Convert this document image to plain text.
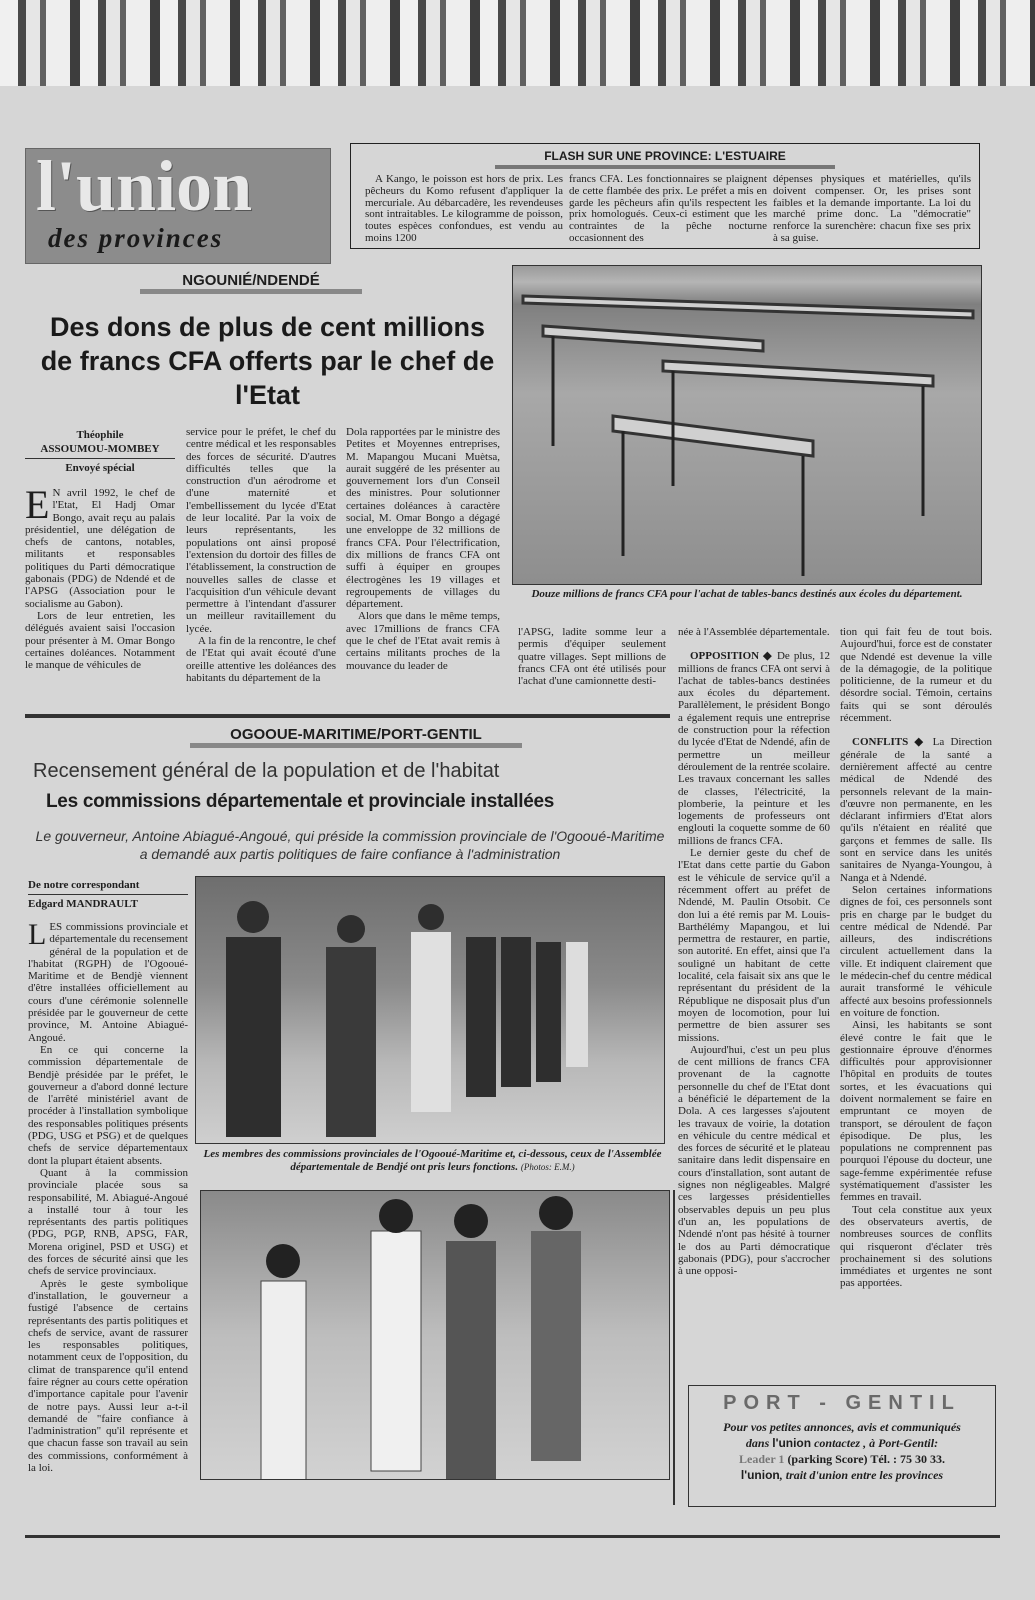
l'union
des provinces
FLASH SUR UNE PROVINCE: L'ESTUAIRE

A Kango, le poisson est hors de prix. Les pêcheurs du Komo refusent d'appliquer la mercuriale. Au débarcadère, les revendeuses sont intraitables. Le kilogramme de poisson, toutes espèces confondues, est vendu au moins 1200

francs CFA. Les fonctionnaires se plaignent de cette flambée des prix. Le préfet a mis en garde les pêcheurs afin qu'ils respectent les prix homologués. Ceux-ci estiment que les contraintes de la pêche nocturne occasionnent des

dépenses physiques et matérielles, qu'ils doivent compenser. Or, les prises sont faibles et la demande importante. La loi du marché prime donc. La "démocratie" renforce la surenchère: chacun fixe ses prix à sa guise.

NGOUNIÉ/NDENDÉ
Des dons de plus de cent millions de francs CFA offerts par le chef de l'Etat
Théophile
ASSOUMOU-MOMBEY
Envoyé spécial
E N avril 1992, le chef de l'Etat, El Hadj Omar Bongo, avait reçu au palais présidentiel, une délégation de chefs de cantons, notables, militants et responsables politiques du Parti démocratique gabonais (PDG) de Ndendé et de l'APSG (Association pour le socialisme au Gabon).

Lors de leur entretien, les délégués avaient saisi l'occasion pour présenter à M. Omar Bongo certaines doléances. Notamment le manque de véhicules de

service pour le préfet, le chef du centre médical et les responsables des forces de sécurité. D'autres difficultés telles que la construction d'un aérodrome et d'une maternité et l'embellissement du lycée d'Etat de leur localité. Par la voix de leurs représentants, les populations ont ainsi proposé l'extension du dortoir des filles de l'établissement, la construction de nouvelles salles de classe et l'acquisition d'un véhicule devant permettre à l'intendant d'assurer un meilleur ravitaillement du lycée.

A la fin de la rencontre, le chef de l'Etat qui avait écouté d'une oreille attentive les doléances des habitants du département de la

Dola rapportées par le ministre des Petites et Moyennes entreprises, M. Mapangou Mucani Muètsa, aurait suggéré de les présenter au gouvernement lors d'un Conseil des ministres. Pour solutionner certaines doléances à caractère social, M. Omar Bongo a dégagé une enveloppe de 32 millions de francs CFA. Pour l'électrification, dix millions de francs CFA ont suffi à équiper en groupes électrogènes les 19 villages et regroupements de villages du département.

Alors que dans le même temps, avec 17millions de francs CFA que le chef de l'Etat avait remis à certains militants proches de la mouvance du leader de

Douze millions de francs CFA pour l'achat de tables-bancs destinés aux écoles du département.

l'APSG, ladite somme leur a permis d'équiper seulement quatre villages. Sept millions de francs CFA ont été utilisés pour l'achat d'une camionnette desti-

née à l'Assemblée départementale.

OPPOSITION ◆ De plus, 12 millions de francs CFA ont servi à l'achat de tables-bancs destinées aux écoles du département. Parallèlement, le président Bongo a également requis une entreprise de construction pour la réfection du lycée d'Etat de Ndendé, afin de permettre un meilleur déroulement de la rentrée scolaire. Les travaux concernant les salles de classes, l'électricité, la plomberie, la peinture et les logements de professeurs ont englouti la coquette somme de 60 millions de francs CFA.

Le dernier geste du chef de l'Etat dans cette partie du Gabon est le véhicule de service qu'il a récemment offert au préfet de Ndendé, M. Paulin Otsobit. Ce don lui a été remis par M. Louis-Barthélémy Mapangou, et lui permettra de restaurer, en partie, son autorité. En effet, ainsi que l'a souligné un habitant de cette localité, cela faisait six ans que le représentant du président de la République ne disposait plus d'un moyen de locomotion, pour lui permettre de bien assurer ses missions.

Aujourd'hui, c'est un peu plus de cent millions de francs CFA provenant de la cagnotte personnelle du chef de l'Etat dont a bénéficié le département de la Dola. A ces largesses s'ajoutent les travaux de voirie, la dotation en véhicule du centre médical et des forces de sécurité et le plateau sanitaire dans ledit dispensaire en cours d'installation, sont autant de signes non négligeables. Malgré ces largesses présidentielles observables depuis un peu plus d'un an, les populations de Ndendé n'ont pas hésité à tourner le dos au Parti démocratique gabonais (PDG), pour s'accrocher à une opposi-

tion qui fait feu de tout bois. Aujourd'hui, force est de constater que Ndendé est devenue la ville de la démagogie, de la politique politicienne, de la rumeur et du désordre social. Témoin, certains faits qui se sont déroulés récemment.

CONFLITS ◆ La Direction générale de la santé a dernièrement affecté au centre médical de Ndendé des personnels relevant de la main-d'œuvre non permanente, en les déclarant infirmiers d'Etat alors qu'ils n'étaient en réalité que garçons et femmes de salle. Ils sont en service dans les unités sanitaires de Nyanga-Youngou, à Nanga et à Ndendé.

Selon certaines informations dignes de foi, ces personnels sont pris en charge par le budget du centre médical de Ndendé. Par ailleurs, des indiscrétions circulent actuellement dans la ville. Et indiquent clairement que le médecin-chef du centre médical aurait transformé le véhicule affecté aux besoins professionnels en voiture de fonction.

Ainsi, les habitants se sont élevé contre le fait que le gestionnaire éprouve d'énormes difficultés pour approvisionner l'hôpital en produits de toutes sortes, et les évacuations qui doivent normalement se faire en empruntant ce moyen de transport, se déroulent de façon épisodique. De plus, les populations ne comprennent pas pourquoi l'épouse du docteur, une sage-femme expérimentée refuse systématiquement d'assister les femmes en travail.

Tout cela constitue aux yeux des observateurs avertis, de nombreuses sources de conflits qui risqueront d'éclater très prochainement si des solutions immédiates et urgentes ne sont pas apportées.

OGOOUE-MARITIME/PORT-GENTIL
Recensement général de la population et de l'habitat
Les commissions départementale et provinciale installées
Le gouverneur, Antoine Abiagué-Angoué, qui préside la commission provinciale de l'Ogooué-Maritime a demandé aux partis politiques de faire confiance à l'administration
De notre correspondant
Edgard MANDRAULT
L ES commissions provinciale et départementale du recensement général de la population et de l'habitat (RGPH) de l'Ogooué-Maritime et de Bendjè viennent d'être installées officiellement au cours d'une cérémonie solennelle présidée par le gouverneur de cette province, M. Antoine Abiagué-Angoué.

En ce qui concerne la commission départementale de Bendjè présidée par le préfet, le gouverneur a d'abord donné lecture de l'arrêté ministériel avant de procéder à l'installation symbolique des responsables politiques présents (PDG, USG et PSG) et de quelques chefs de service départementaux dont la plupart étaient absents.

Quant à la commission provinciale placée sous sa responsabilité, M. Abiagué-Angoué a installé tour à tour les représentants des partis politiques (PDG, PGP, RNB, APSG, FAR, Morena originel, PSD et USG) et des forces de sécurité ainsi que les chefs de service provinciaux.

Après le geste symbolique d'installation, le gouverneur a fustigé l'absence de certains représentants des partis politiques et chefs de service, avant de rassurer les responsables politiques, notamment ceux de l'opposition, du climat de transparence qu'il entend faire régner au cours cette opération d'importance capitale pour l'avenir de notre pays. Aussi leur a-t-il demandé de "faire confiance à l'administration" qu'il représente et que chacun fasse son travail au sein des commissions, conformément à la loi.

Les membres des commissions provinciales de l'Ogooué-Maritime et, ci-dessous, ceux de l'Assemblée départementale de Bendjé ont pris leurs fonctions. (Photos: E.M.)
PORT - GENTIL
Pour vos petites annonces, avis et communiqués
dans l'union contactez , à Port-Gentil:
Leader 1 (parking Score) Tél. : 75 30 33.
l'union, trait d'union entre les provinces
